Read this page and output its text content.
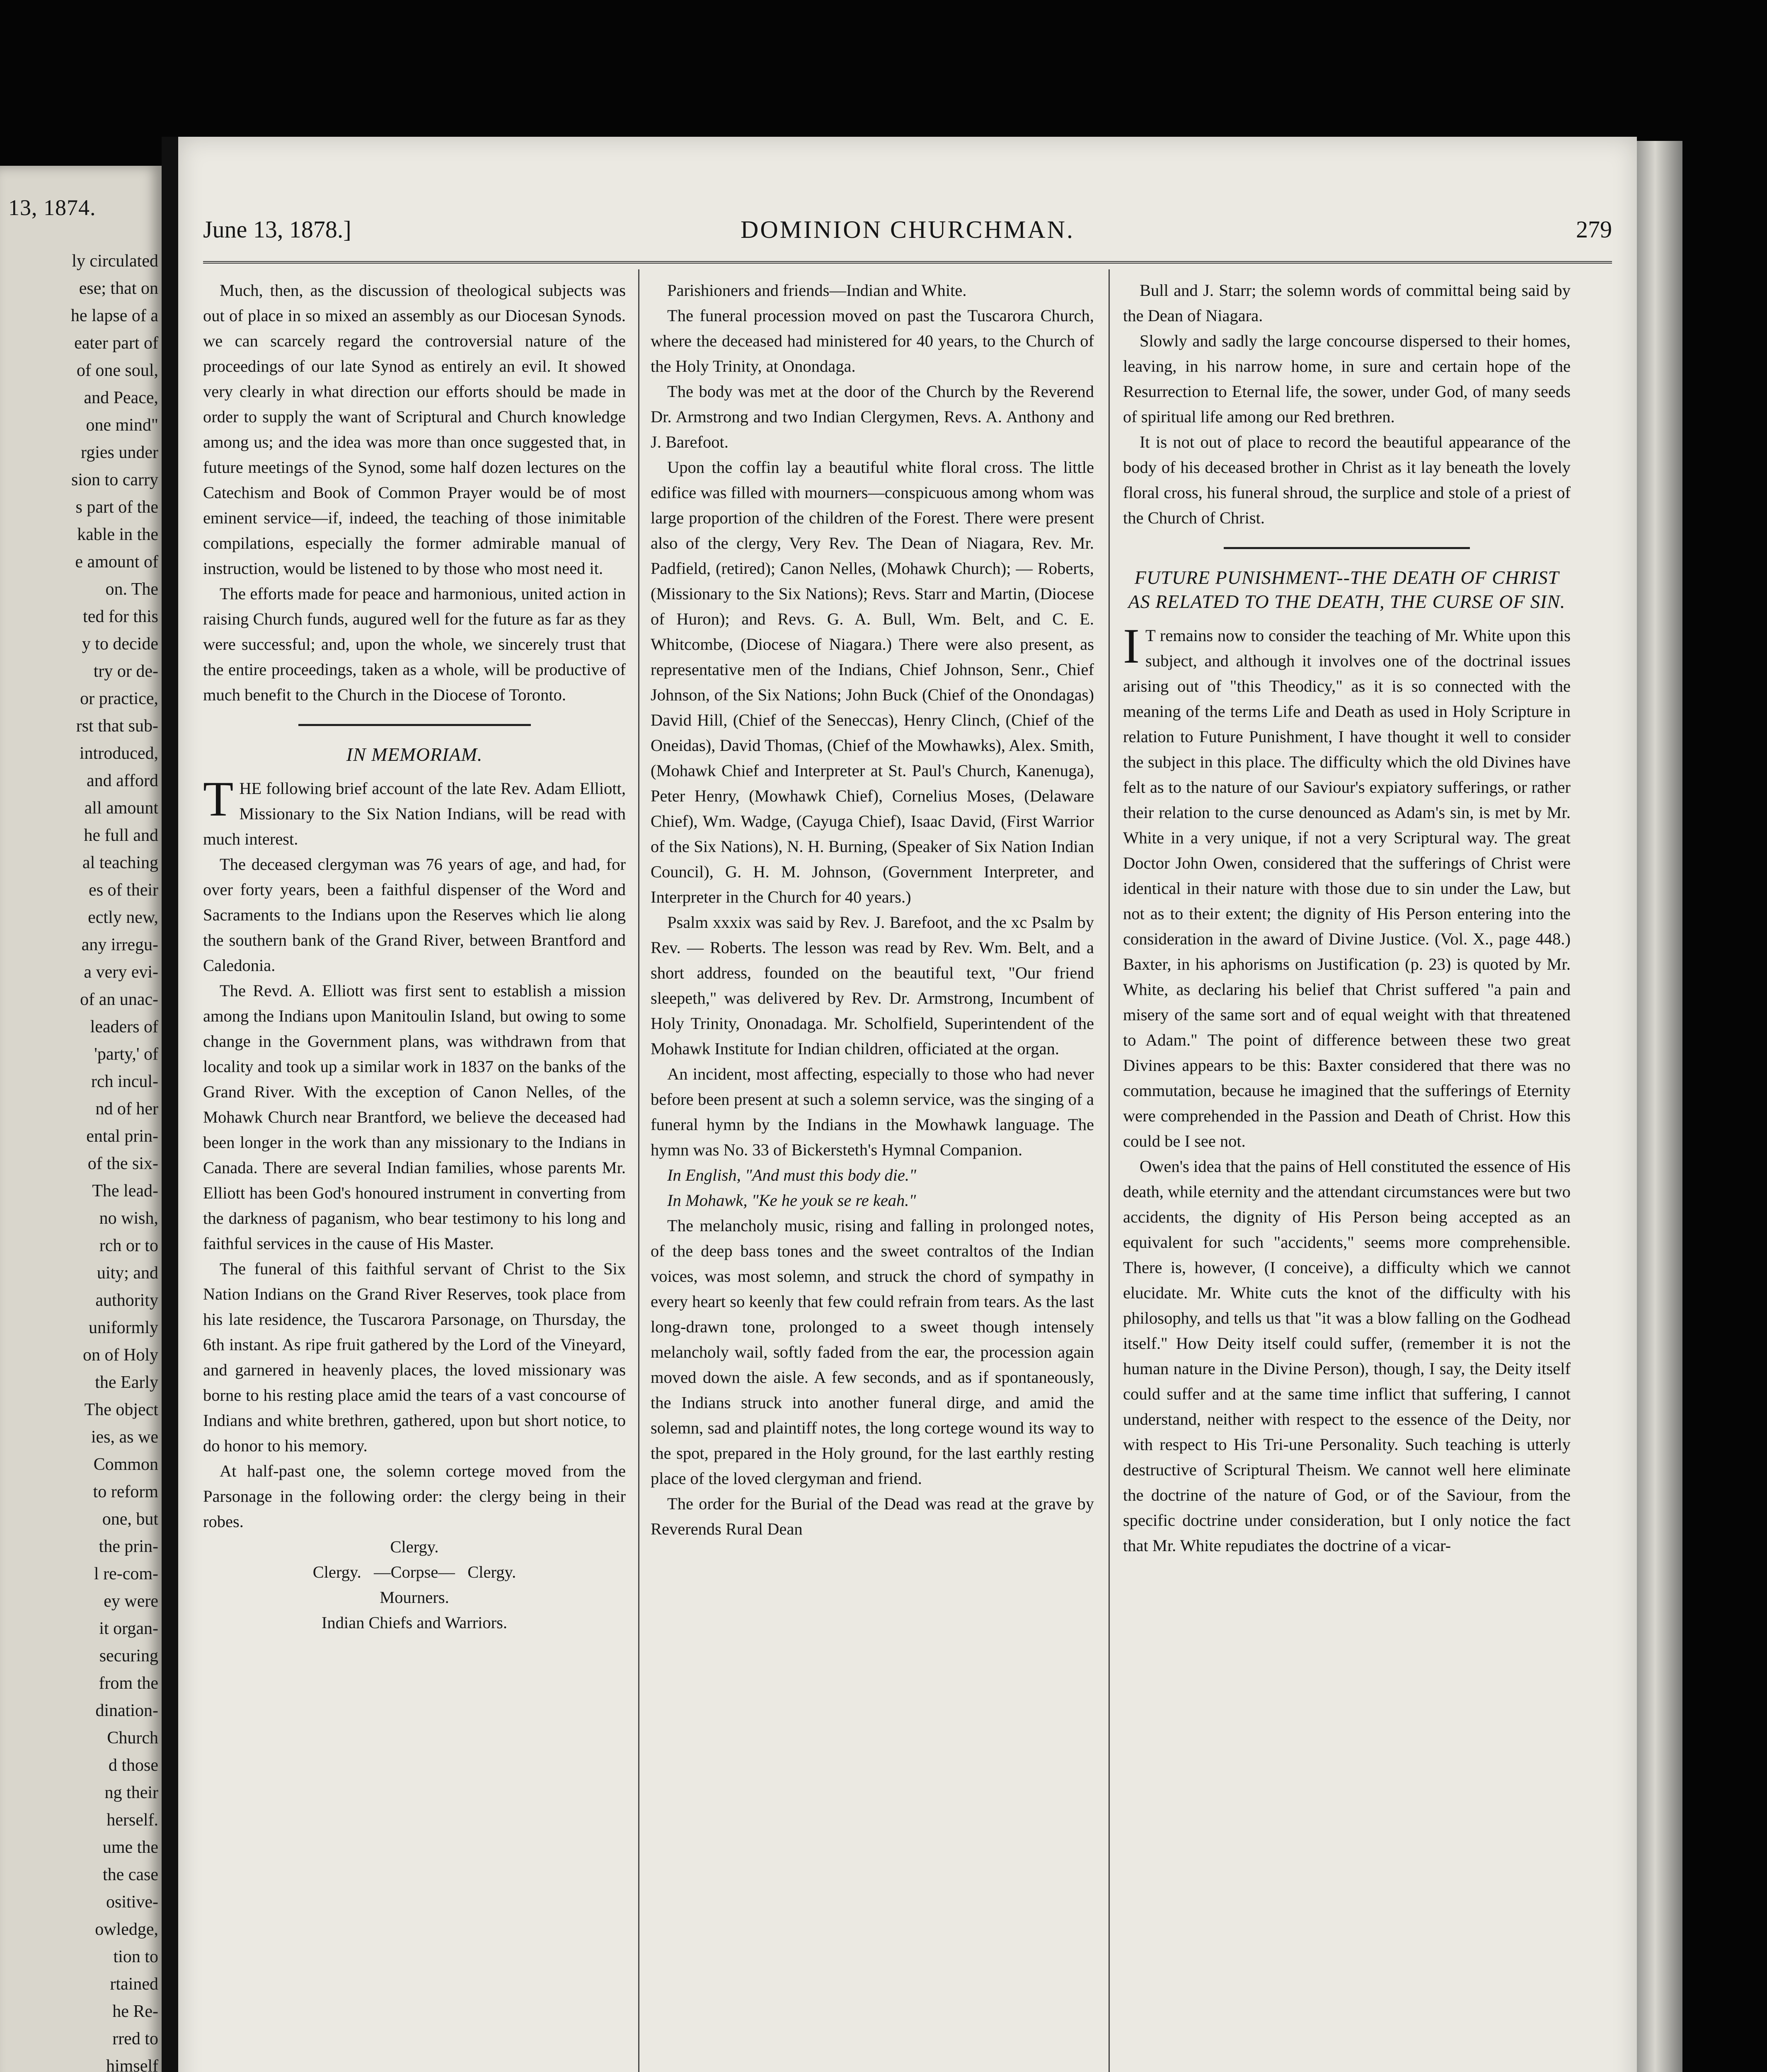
13, 1874.
ly circulated
ese; that on
he lapse of a
eater part of
of one soul,
and Peace,
one mind"
rgies under
sion to carry
s part of the
kable in the
e amount of
on. The
ted for this
y to decide
try or de-
or practice,
rst that sub-
introduced,
and afford
all amount
he full and
al teaching
es of their
ectly new,
any irregu-
a very evi-
of an unac-
leaders of
'party,' of
rch incul-
nd of her
ental prin-
of the six-
The lead-
no wish,
rch or to
uity; and
authority
uniformly
on of Holy
the Early
The object
ies, as we
Common
to reform
one, but
the prin-
l re-com-
ey were
it organ-
securing
from the
dination-
Church
d those
ng their
herself.
ume the
the case
ositive-
owledge,
tion to
rtained
he Re-
rred to
himself
June 13, 1878.]	DOMINION CHURCHMAN.	279

Much, then, as the discussion of theological subjects was out of place in so mixed an assembly as our Diocesan Synods. we can scarcely regard the controversial nature of the proceedings of our late Synod as entirely an evil. It showed very clearly in what direction our efforts should be made in order to supply the want of Scriptural and Church knowledge among us; and the idea was more than once suggested that, in future meetings of the Synod, some half dozen lectures on the Catechism and Book of Common Prayer would be of most eminent service—if, indeed, the teaching of those inimitable compilations, especially the former admirable manual of instruction, would be listened to by those who most need it.

The efforts made for peace and harmonious, united action in raising Church funds, augured well for the future as far as they were successful; and, upon the whole, we sincerely trust that the entire proceedings, taken as a whole, will be productive of much benefit to the Church in the Diocese of Toronto.

IN MEMORIAM.

THE following brief account of the late Rev. Adam Elliott, Missionary to the Six Nation Indians, will be read with much interest.

The deceased clergyman was 76 years of age, and had, for over forty years, been a faithful dispenser of the Word and Sacraments to the Indians upon the Reserves which lie along the southern bank of the Grand River, between Brantford and Caledonia.

The Revd. A. Elliott was first sent to establish a mission among the Indians upon Manitoulin Island, but owing to some change in the Government plans, was withdrawn from that locality and took up a similar work in 1837 on the banks of the Grand River. With the exception of Canon Nelles, of the Mohawk Church near Brantford, we believe the deceased had been longer in the work than any missionary to the Indians in Canada. There are several Indian families, whose parents Mr. Elliott has been God's honoured instrument in converting from the darkness of paganism, who bear testimony to his long and faithful services in the cause of His Master.

The funeral of this faithful servant of Christ to the Six Nation Indians on the Grand River Reserves, took place from his late residence, the Tuscarora Parsonage, on Thursday, the 6th instant. As ripe fruit gathered by the Lord of the Vineyard, and garnered in heavenly places, the loved missionary was borne to his resting place amid the tears of a vast concourse of Indians and white brethren, gathered, upon but short notice, to do honor to his memory.

At half-past one, the solemn cortege moved from the Parsonage in the following order: the clergy being in their robes.

Clergy.
Clergy.   —Corpse—   Clergy.
Mourners.
Indian Chiefs and Warriors.

Parishioners and friends—Indian and White.

The funeral procession moved on past the Tuscarora Church, where the deceased had ministered for 40 years, to the Church of the Holy Trinity, at Onondaga.

The body was met at the door of the Church by the Reverend Dr. Armstrong and two Indian Clergymen, Revs. A. Anthony and J. Barefoot.

Upon the coffin lay a beautiful white floral cross. The little edifice was filled with mourners—conspicuous among whom was large proportion of the children of the Forest. There were present also of the clergy, Very Rev. The Dean of Niagara, Rev. Mr. Padfield, (retired); Canon Nelles, (Mohawk Church); — Roberts, (Missionary to the Six Nations); Revs. Starr and Martin, (Diocese of Huron); and Revs. G. A. Bull, Wm. Belt, and C. E. Whitcombe, (Diocese of Niagara.) There were also present, as representative men of the Indians, Chief Johnson, Senr., Chief Johnson, of the Six Nations; John Buck (Chief of the Onondagas) David Hill, (Chief of the Seneccas), Henry Clinch, (Chief of the Oneidas), David Thomas, (Chief of the Mowhawks), Alex. Smith, (Mohawk Chief and Interpreter at St. Paul's Church, Kanenuga), Peter Henry, (Mowhawk Chief), Cornelius Moses, (Delaware Chief), Wm. Wadge, (Cayuga Chief), Isaac David, (First Warrior of the Six Nations), N. H. Burning, (Speaker of Six Nation Indian Council), G. H. M. Johnson, (Government Interpreter, and Interpreter in the Church for 40 years.)

Psalm xxxix was said by Rev. J. Barefoot, and the xc Psalm by Rev. — Roberts. The lesson was read by Rev. Wm. Belt, and a short address, founded on the beautiful text, "Our friend sleepeth," was delivered by Rev. Dr. Armstrong, Incumbent of Holy Trinity, Ononadaga. Mr. Scholfield, Superintendent of the Mohawk Institute for Indian children, officiated at the organ.

An incident, most affecting, especially to those who had never before been present at such a solemn service, was the singing of a funeral hymn by the Indians in the Mowhawk language. The hymn was No. 33 of Bickersteth's Hymnal Companion.

In English, "And must this body die."

In Mohawk, "Ke he youk se re keah."

The melancholy music, rising and falling in prolonged notes, of the deep bass tones and the sweet contraltos of the Indian voices, was most solemn, and struck the chord of sympathy in every heart so keenly that few could refrain from tears. As the last long-drawn tone, prolonged to a sweet though intensely melancholy wail, softly faded from the ear, the procession again moved down the aisle. A few seconds, and as if spontaneously, the Indians struck into another funeral dirge, and amid the solemn, sad and plaintiff notes, the long cortege wound its way to the spot, prepared in the Holy ground, for the last earthly resting place of the loved clergyman and friend.

The order for the Burial of the Dead was read at the grave by Reverends Rural Dean

Bull and J. Starr; the solemn words of committal being said by the Dean of Niagara.

Slowly and sadly the large concourse dispersed to their homes, leaving, in his narrow home, in sure and certain hope of the Resurrection to Eternal life, the sower, under God, of many seeds of spiritual life among our Red brethren.

It is not out of place to record the beautiful appearance of the body of his deceased brother in Christ as it lay beneath the lovely floral cross, his funeral shroud, the surplice and stole of a priest of the Church of Christ.

FUTURE PUNISHMENT--THE DEATH OF CHRIST AS RELATED TO THE DEATH, THE CURSE OF SIN.

I T remains now to consider the teaching of Mr. White upon this subject, and although it involves one of the doctrinal issues arising out of "this Theodicy," as it is so connected with the meaning of the terms Life and Death as used in Holy Scripture in relation to Future Punishment, I have thought it well to consider the subject in this place. The difficulty which the old Divines have felt as to the nature of our Saviour's expiatory sufferings, or rather their relation to the curse denounced as Adam's sin, is met by Mr. White in a very unique, if not a very Scriptural way. The great Doctor John Owen, considered that the sufferings of Christ were identical in their nature with those due to sin under the Law, but not as to their extent; the dignity of His Person entering into the consideration in the award of Divine Justice. (Vol. X., page 448.) Baxter, in his aphorisms on Justification (p. 23) is quoted by Mr. White, as declaring his belief that Christ suffered "a pain and misery of the same sort and of equal weight with that threatened to Adam." The point of difference between these two great Divines appears to be this: Baxter considered that there was no commutation, because he imagined that the sufferings of Eternity were comprehended in the Passion and Death of Christ. How this could be I see not.

Owen's idea that the pains of Hell constituted the essence of His death, while eternity and the attendant circumstances were but two accidents, the dignity of His Person being accepted as an equivalent for such "accidents," seems more comprehensible. There is, however, (I conceive), a difficulty which we cannot elucidate. Mr. White cuts the knot of the difficulty with his philosophy, and tells us that "it was a blow falling on the Godhead itself." How Deity itself could suffer, (remember it is not the human nature in the Divine Person), though, I say, the Deity itself could suffer and at the same time inflict that suffering, I cannot understand, neither with respect to the essence of the Deity, nor with respect to His Tri-une Personality. Such teaching is utterly destructive of Scriptural Theism. We cannot well here eliminate the doctrine of the nature of God, or of the Saviour, from the specific doctrine under consideration, but I only notice the fact that Mr. White repudiates the doctrine of a vicar-
